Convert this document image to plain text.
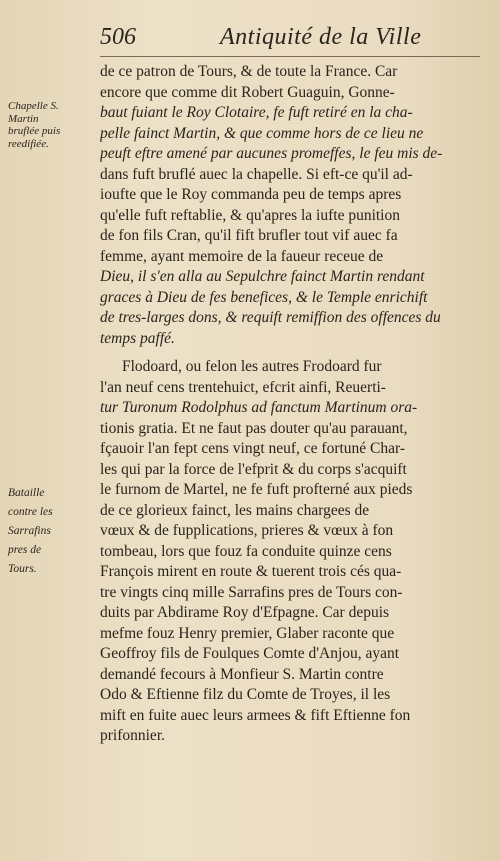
506	Antiquité de la Ville
Chapelle S.
Martin
bruflée puis
reedifiée.
Bataille
contre les
Sarrafins
pres de
Tours.
de ce patron de Tours, & de toute la France. Car
encore que comme dit Robert Guaguin, Gonne-
baut fuiant le Roy Clotaire, fe fuft retiré en la cha-
pelle fainct Martin, & que comme hors de ce lieu ne
peuft eftre amené par aucunes promeffes, le feu mis de-
dans fuft bruflé auec la chapelle. Si eft-ce qu'il ad-
ioufte que le Roy commanda peu de temps apres
qu'elle fuft reftablie, & qu'apres la iufte punition
de fon fils Cran, qu'il fift brufler tout vif auec fa
femme, ayant memoire de la faueur receue de
Dieu, il s'en alla au Sepulchre fainct Martin rendant
graces à Dieu de fes benefices, & le Temple enrichift
de tres-larges dons, & requift remiffion des offences du
temps paffé.
Flodoard, ou felon les autres Frodoard fur
l'an neuf cens trentehuict, efcrit ainfi, Reuerti-
tur Turonum Rodolphus ad fanctum Martinum ora-
tionis gratia. Et ne faut pas douter qu'au parauant,
fçauoir l'an fept cens vingt neuf, ce fortuné Char-
les qui par la force de l'efprit & du corps s'acquift
le furnom de Martel, ne fe fuft profterné aux pieds
de ce glorieux fainct, les mains chargees de
vœux & de fupplications, prieres & vœux à fon
tombeau, lors que fouz fa conduite quinze cens
François mirent en route & tuerent trois cés qua-
tre vingts cinq mille Sarrafins pres de Tours con-
duits par Abdirame Roy d'Efpagne. Car depuis
mefme fouz Henry premier, Glaber raconte que
Geoffroy fils de Foulques Comte d'Anjou, ayant
demandé fecours à Monfieur S. Martin contre
Odo & Eftienne filz du Comte de Troyes, il les
mift en fuite auec leurs armees & fift Eftienne fon
prifonnier.
